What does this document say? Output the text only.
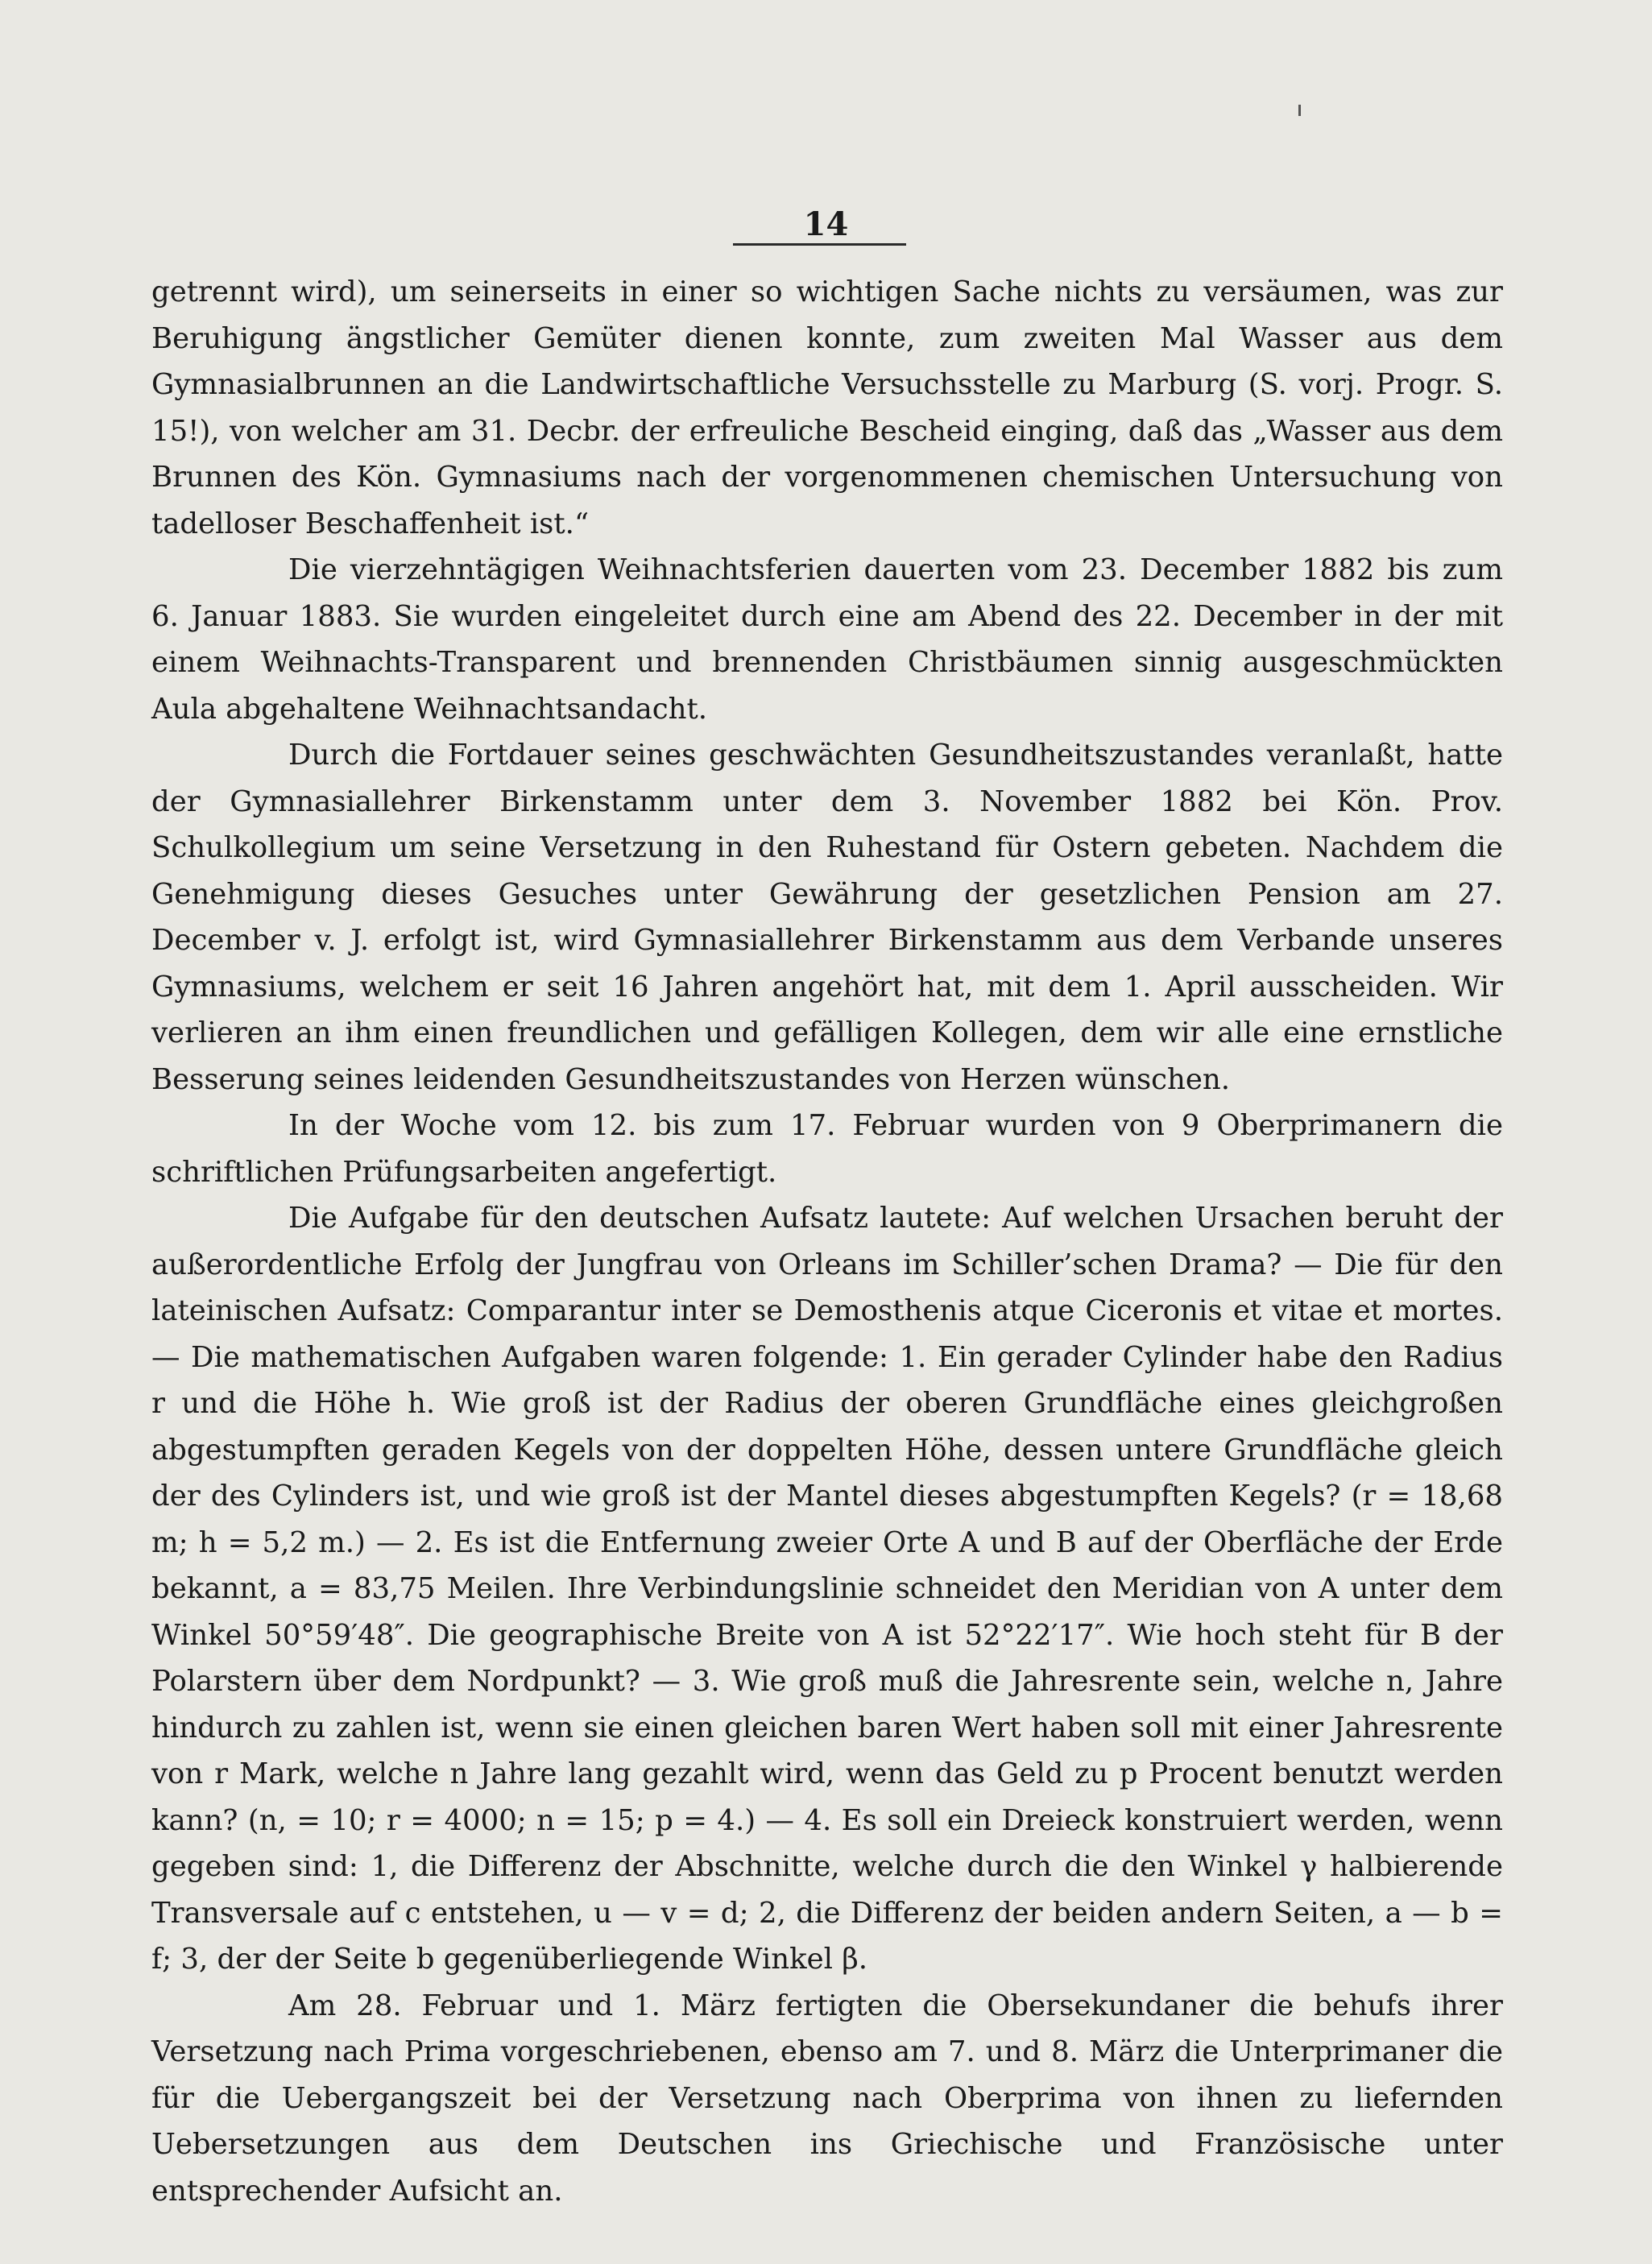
14

getrennt wird), um seinerseits in einer so wichtigen Sache nichts zu versäumen, was zur Beruhigung ängstlicher Gemüter dienen konnte, zum zweiten Mal Wasser aus dem Gymnasialbrunnen an die Landwirtschaftliche Versuchsstelle zu Marburg (S. vorj. Progr. S. 15!), von welcher am 31. Decbr. der erfreuliche Bescheid einging, daß das „Wasser aus dem Brunnen des Kön. Gymnasiums nach der vorgenommenen chemischen Untersuchung von tadelloser Beschaffenheit ist.“

Die vierzehntägigen Weihnachtsferien dauerten vom 23. December 1882 bis zum 6. Januar 1883. Sie wurden eingeleitet durch eine am Abend des 22. December in der mit einem Weihnachts-Transparent und brennenden Christbäumen sinnig ausgeschmückten Aula abgehaltene Weihnachtsandacht.

Durch die Fortdauer seines geschwächten Gesundheitszustandes veranlaßt, hatte der Gymnasiallehrer Birkenstamm unter dem 3. November 1882 bei Kön. Prov. Schulkollegium um seine Versetzung in den Ruhestand für Ostern gebeten. Nachdem die Genehmigung dieses Gesuches unter Gewährung der gesetzlichen Pension am 27. December v. J. erfolgt ist, wird Gymnasiallehrer Birkenstamm aus dem Verbande unseres Gymnasiums, welchem er seit 16 Jahren angehört hat, mit dem 1. April ausscheiden. Wir verlieren an ihm einen freundlichen und gefälligen Kollegen, dem wir alle eine ernstliche Besserung seines leidenden Gesundheitszustandes von Herzen wünschen.

In der Woche vom 12. bis zum 17. Februar wurden von 9 Oberprimanern die schriftlichen Prüfungsarbeiten angefertigt.

Die Aufgabe für den deutschen Aufsatz lautete: Auf welchen Ursachen beruht der außerordentliche Erfolg der Jungfrau von Orleans im Schiller’schen Drama? — Die für den lateinischen Aufsatz: Comparantur inter se Demosthenis atque Ciceronis et vitae et mortes. — Die mathematischen Aufgaben waren folgende: 1. Ein gerader Cylinder habe den Radius r und die Höhe h. Wie groß ist der Radius der oberen Grundfläche eines gleichgroßen abgestumpften geraden Kegels von der doppelten Höhe, dessen untere Grundfläche gleich der des Cylinders ist, und wie groß ist der Mantel dieses abgestumpften Kegels? (r = 18,68 m; h = 5,2 m.) — 2. Es ist die Entfernung zweier Orte A und B auf der Oberfläche der Erde bekannt, a = 83,75 Meilen. Ihre Verbindungslinie schneidet den Meridian von A unter dem Winkel 50°59′48″. Die geographische Breite von A ist 52°22′17″. Wie hoch steht für B der Polarstern über dem Nordpunkt? — 3. Wie groß muß die Jahresrente sein, welche n, Jahre hindurch zu zahlen ist, wenn sie einen gleichen baren Wert haben soll mit einer Jahresrente von r Mark, welche n Jahre lang gezahlt wird, wenn das Geld zu p Procent benutzt werden kann? (n, = 10; r = 4000; n = 15; p = 4.) — 4. Es soll ein Dreieck konstruiert werden, wenn gegeben sind: 1, die Differenz der Abschnitte, welche durch die den Winkel γ halbierende Transversale auf c entstehen, u — v = d; 2, die Differenz der beiden andern Seiten, a — b = f; 3, der der Seite b gegenüberliegende Winkel β.

Am 28. Februar und 1. März fertigten die Obersekundaner die behufs ihrer Versetzung nach Prima vorgeschriebenen, ebenso am 7. und 8. März die Unterprimaner die für die Uebergangszeit bei der Versetzung nach Oberprima von ihnen zu liefernden Uebersetzungen aus dem Deutschen ins Griechische und Französische unter entsprechender Aufsicht an.
